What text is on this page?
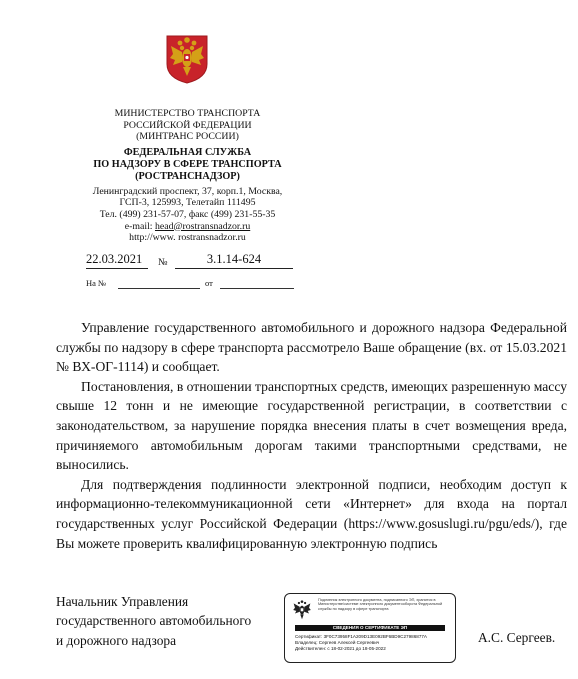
МИНИСТЕРСТВО ТРАНСПОРТА
РОССИЙСКОЙ ФЕДЕРАЦИИ
(МИНТРАНС РОССИИ)
ФЕДЕРАЛЬНАЯ СЛУЖБА
ПО НАДЗОРУ В СФЕРЕ ТРАНСПОРТА
(РОСТРАНСНАДЗОР)
Ленинградский проспект, 37, корп.1, Москва,
ГСП-3, 125993, Телетайп 111495
Тел. (499) 231-57-07, факс (499) 231-55-35
e-mail: head@rostransnadzor.ru
http://www. rostransnadzor.ru
22.03.2021	№	3.1.14-624
На №	от

Управление государственного автомобильного и дорожного надзора Федеральной службы по надзору в сфере транспорта рассмотрело Ваше обращение (вх. от 15.03.2021 № ВХ-ОГ-1114) и сообщает.

Постановления, в отношении транспортных средств, имеющих разрешенную массу свыше 12 тонн и не имеющие государственной регистрации, в соответствии с законодательством, за нарушение порядка внесения платы в счет возмещения вреда, причиняемого автомобильным дорогам такими транспортными средствами, не выносились.

Для подтверждения подлинности электронной подписи, необходим доступ к информационно-телекоммуникационной сети «Интернет» для входа на портал государственных услуг Российской Федерации (https://www.gosuslugi.ru/pgu/eds/), где Вы можете проверить квалифицированную электронную подпись

Начальник Управления
государственного автомобильного
и дорожного надзора
Подлинник электронного документа, подписанного ЭП, хранится в Министерстве/системе электронного документооборота Федеральной службы по надзору в сфере транспорта
СВЕДЕНИЯ О СЕРТИФИКАТЕ ЭП
Сертификат: 3F0C73958F1A209D13E092BF6BD9C27986877A
Владелец: Сергеев Алексей Сергеевич
Действителен: с 18-02-2021 до 18-05-2022
А.С. Сергеев.
